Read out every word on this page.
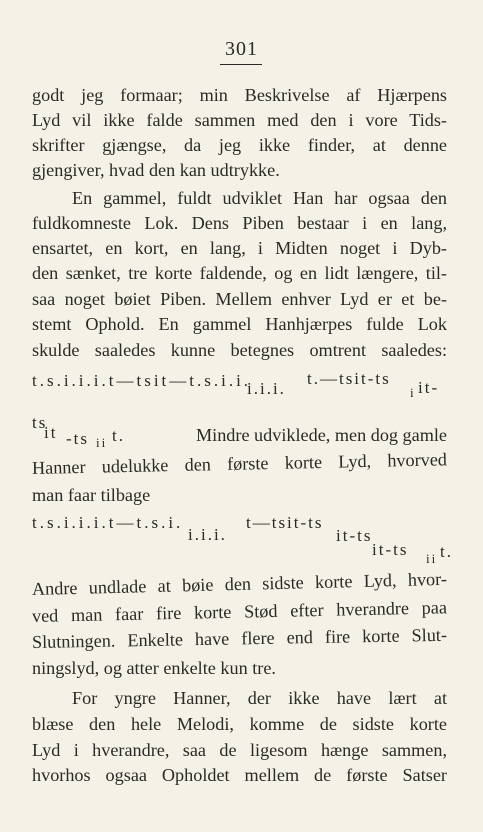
301
godt jeg formaar; min Beskrivelse af Hjærpens
Lyd vil ikke falde sammen med den i vore Tids-
skrifter gjængse, da jeg ikke finder, at denne
gjengiver, hvad den kan udtrykke.
En gammel, fuldt udviklet Han har ogsaa den
fuldkomneste Lok. Dens Piben bestaar i en lang,
ensartet, en kort, en lang, i Midten noget i Dyb-
den sænket, tre korte faldende, og en lidt længere, til-
saa noget bøiet Piben. Mellem enhver Lyd er et be-
stemt Ophold. En gammel Hanhjærpes fulde Lok
skulde saaledes kunne betegnes omtrent saaledes:
t.s.i.i.i.t—tsit—t.s.i.i.
i.i.i.
t.—tsit-ts it-
i
ts
it -ts ii t.	Mindre udviklede, men dog gamle
Hanner udelukke den første korte Lyd, hvorved
man faar tilbage
t.s.i.i.i.t—t.s.i.
i.i.i.
t—tsit-ts
it-ts
it-ts ii t.
Andre undlade at bøie den sidste korte Lyd, hvor-
ved man faar fire korte Stød efter hverandre paa
Slutningen. Enkelte have flere end fire korte Slut-
ningslyd, og atter enkelte kun tre.
For yngre Hanner, der ikke have lært at
blæse den hele Melodi, komme de sidste korte
Lyd i hverandre, saa de ligesom hænge sammen,
hvorhos ogsaa Opholdet mellem de første Satser
